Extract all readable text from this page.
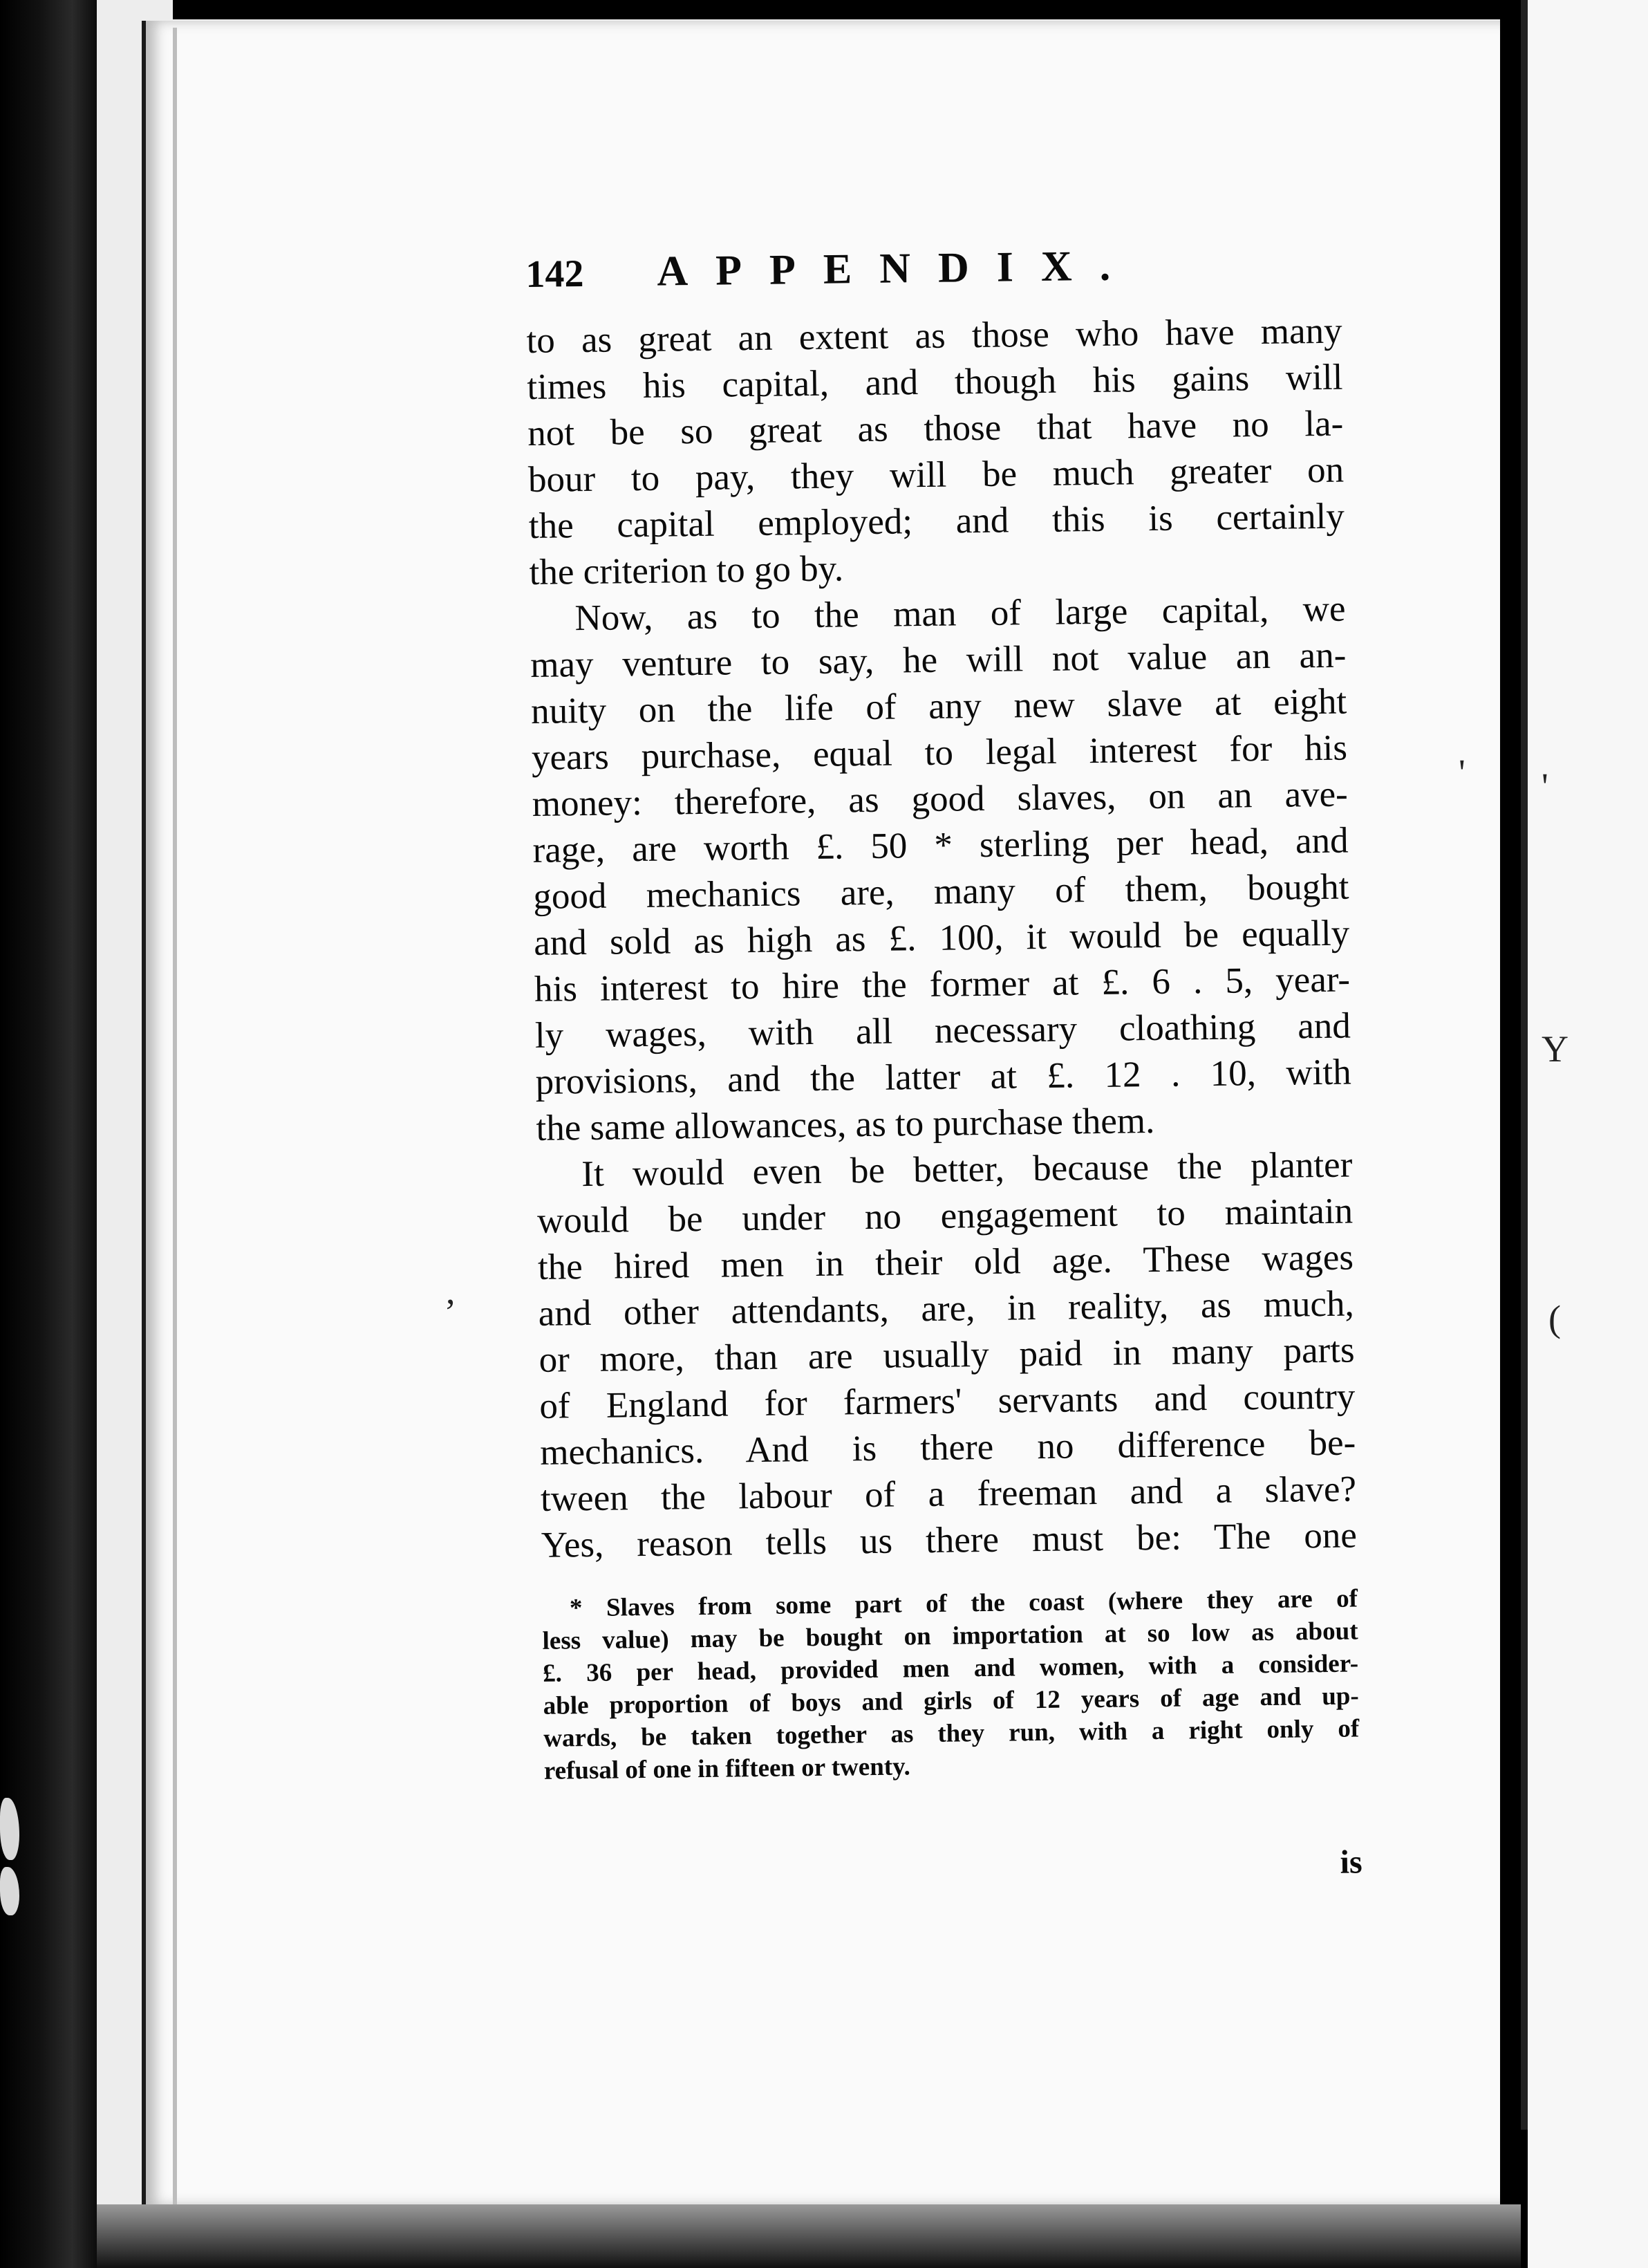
' '
Y
(
,
142	APPENDIX.
to as great an extent as those who have many
times his capital, and though his gains will
not be so great as those that have no la-
bour to pay, they will be much greater on
the capital employed; and this is certainly
the criterion to go by.
Now, as to the man of large capital, we
may venture to say, he will not value an an-
nuity on the life of any new slave at eight
years purchase, equal to legal interest for his
money: therefore, as good slaves, on an ave-
rage, are worth £. 50 * sterling per head, and
good mechanics are, many of them, bought
and sold as high as £. 100, it would be equally
his interest to hire the former at £. 6 . 5, year-
ly wages, with all necessary cloathing and
provisions, and the latter at £. 12 . 10, with
the same allowances, as to purchase them.
It would even be better, because the planter
would be under no engagement to maintain
the hired men in their old age. These wages
and other attendants, are, in reality, as much,
or more, than are usually paid in many parts
of England for farmers' servants and country
mechanics. And is there no difference be-
tween the labour of a freeman and a slave?
Yes, reason tells us there must be: The one
* Slaves from some part of the coast (where they are of
less value) may be bought on importation at so low as about
£. 36 per head, provided men and women, with a consider-
able proportion of boys and girls of 12 years of age and up-
wards, be taken together as they run, with a right only of
refusal of one in fifteen or twenty.
is
